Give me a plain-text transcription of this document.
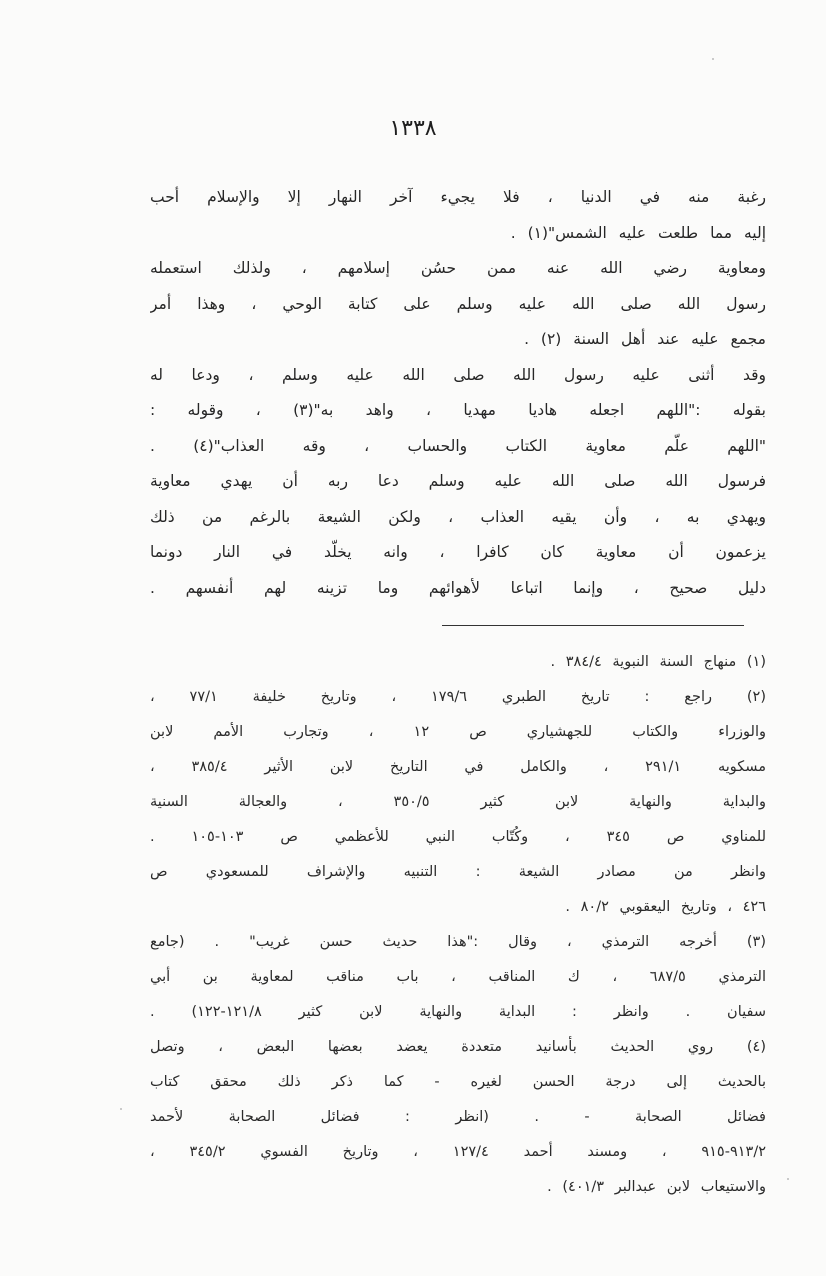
١٣٣٨
رغبة منه في الدنيا ، فلا يجيء آخر النهار إلا والإسلام أحب
إليه مما طلعت عليه الشمس"(١) .
ومعاوية رضي الله عنه ممن حسُن إسلامهم ، ولذلك استعمله
رسول الله صلى الله عليه وسلم على كتابة الوحي ، وهذا أمر
مجمع عليه عند أهل السنة (٢) .
وقد أثنى عليه رسول الله صلى الله عليه وسلم ، ودعا له
بقوله :"اللهم اجعله هاديا مهديا ، واهد به"(٣) ، وقوله :
"اللهم علّم معاوية الكتاب والحساب ، وقه العذاب"(٤) .
فرسول الله صلى الله عليه وسلم دعا ربه أن يهدي معاوية
ويهدي به ، وأن يقيه العذاب ، ولكن الشيعة بالرغم من ذلك
يزعمون أن معاوية كان كافرا ، وانه يخلّد في النار دونما
دليل صحيح ، وإنما اتباعا لأهوائهم وما تزينه لهم أنفسهم .
(١) منهاج السنة النبوية ٣٨٤/٤ .
(٢) راجع : تاريخ الطبري ١٧٩/٦ ، وتاريخ خليفة ٧٧/١ ،
والوزراء والكتاب للجهشياري ص ١٢ ، وتجارب الأمم لابن
مسكويه ٢٩١/١ ، والكامل في التاريخ لابن الأثير ٣٨٥/٤ ،
والبداية والنهاية لابن كثير ٣٥٠/٥ ، والعجالة السنية
للمناوي ص ٣٤٥ ، وكُتّاب النبي للأعظمي ص ١٠٣-١٠٥ .
وانظر من مصادر الشيعة : التنبيه والإشراف للمسعودي ص
٤٢٦ ، وتاريخ اليعقوبي ٨٠/٢ .
(٣) أخرجه الترمذي ، وقال :"هذا حديث حسن غريب" . (جامع
الترمذي ٦٨٧/٥ ، ك المناقب ، باب مناقب لمعاوية بن أبي
سفيان . وانظر : البداية والنهاية لابن كثير ١٢١/٨-١٢٢) .
(٤) روي الحديث بأسانيد متعددة يعضد بعضها البعض ، وتصل
بالحديث إلى درجة الحسن لغيره - كما ذكر ذلك محقق كتاب
فضائل الصحابة - . (انظر : فضائل الصحابة لأحمد
٩١٣/٢-٩١٥ ، ومسند أحمد ١٢٧/٤ ، وتاريخ الفسوي ٣٤٥/٢ ،
والاستيعاب لابن عبدالبر ٤٠١/٣) .
